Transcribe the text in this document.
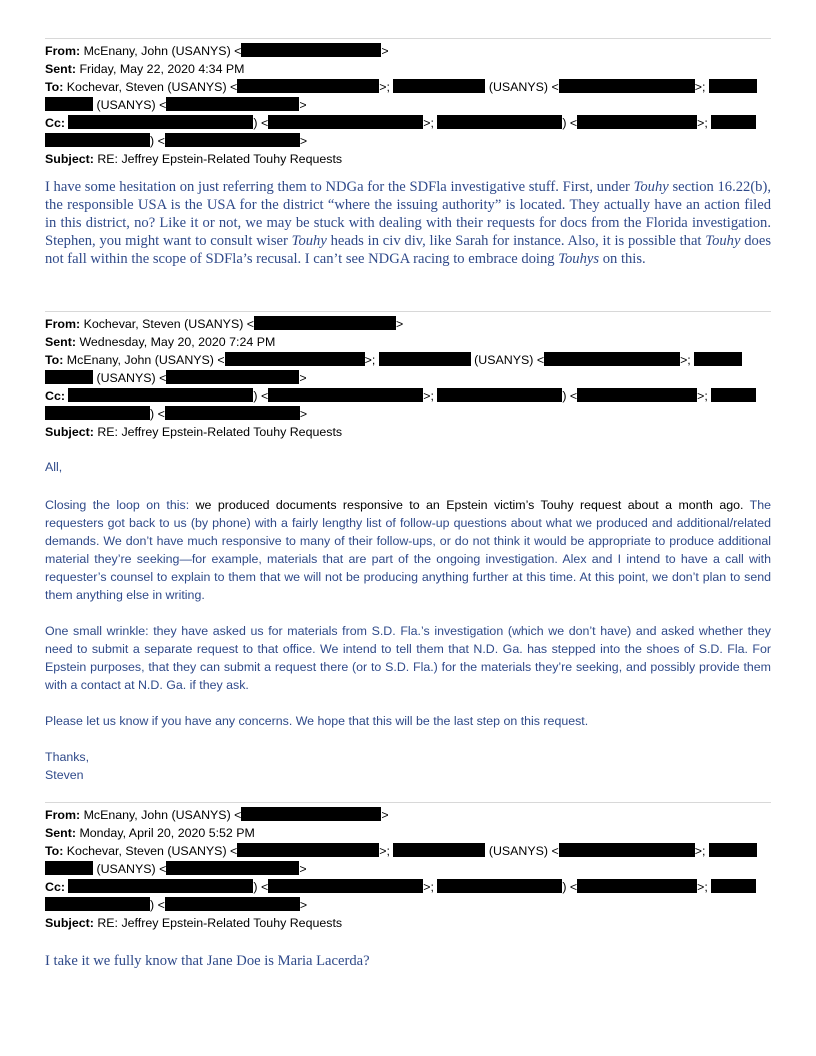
From: McEnany, John (USANYS) <	>
Sent: Friday, May 22, 2020 4:34 PM
To: Kochevar, Steven (USANYS) <	>;	(USANYS) <	>;
(USANYS) <	>
Cc:	) <	>;	) <	>;
) <	>
Subject: RE: Jeffrey Epstein-Related Touhy Requests
I have some hesitation on just referring them to NDGa for the SDFla investigative stuff. First, under Touhy section 16.22(b), the responsible USA is the USA for the district “where the issuing authority” is located. They actually have an action filed in this district, no? Like it or not, we may be stuck with dealing with their requests for docs from the Florida investigation. Stephen, you might want to consult wiser Touhy heads in civ div, like Sarah for instance. Also, it is possible that Touhy does not fall within the scope of SDFla’s recusal. I can’t see NDGA racing to embrace doing Touhys on this.
From: Kochevar, Steven (USANYS) <	>
Sent: Wednesday, May 20, 2020 7:24 PM
To: McEnany, John (USANYS) <	>;	(USANYS) <	>;
(USANYS) <	>
Cc:	) <	>;	) <	>;
) <	>
Subject: RE: Jeffrey Epstein-Related Touhy Requests
All,
Closing the loop on this: we produced documents responsive to an Epstein victim’s Touhy request about a month ago. The requesters got back to us (by phone) with a fairly lengthy list of follow-up questions about what we produced and additional/related demands. We don’t have much responsive to many of their follow-ups, or do not think it would be appropriate to produce additional material they’re seeking—for example, materials that are part of the ongoing investigation. Alex and I intend to have a call with requester’s counsel to explain to them that we will not be producing anything further at this time. At this point, we don’t plan to send them anything else in writing.
One small wrinkle: they have asked us for materials from S.D. Fla.’s investigation (which we don’t have) and asked whether they need to submit a separate request to that office. We intend to tell them that N.D. Ga. has stepped into the shoes of S.D. Fla. For Epstein purposes, that they can submit a request there (or to S.D. Fla.) for the materials they’re seeking, and possibly provide them with a contact at N.D. Ga. if they ask.
Please let us know if you have any concerns. We hope that this will be the last step on this request.
Thanks,
Steven
From: McEnany, John (USANYS) <	>
Sent: Monday, April 20, 2020 5:52 PM
To: Kochevar, Steven (USANYS) <	>;	(USANYS) <	>;
(USANYS) <	>
Cc:	) <	>;	) <	>;
) <	>
Subject: RE: Jeffrey Epstein-Related Touhy Requests
I take it we fully know that Jane Doe is Maria Lacerda?
